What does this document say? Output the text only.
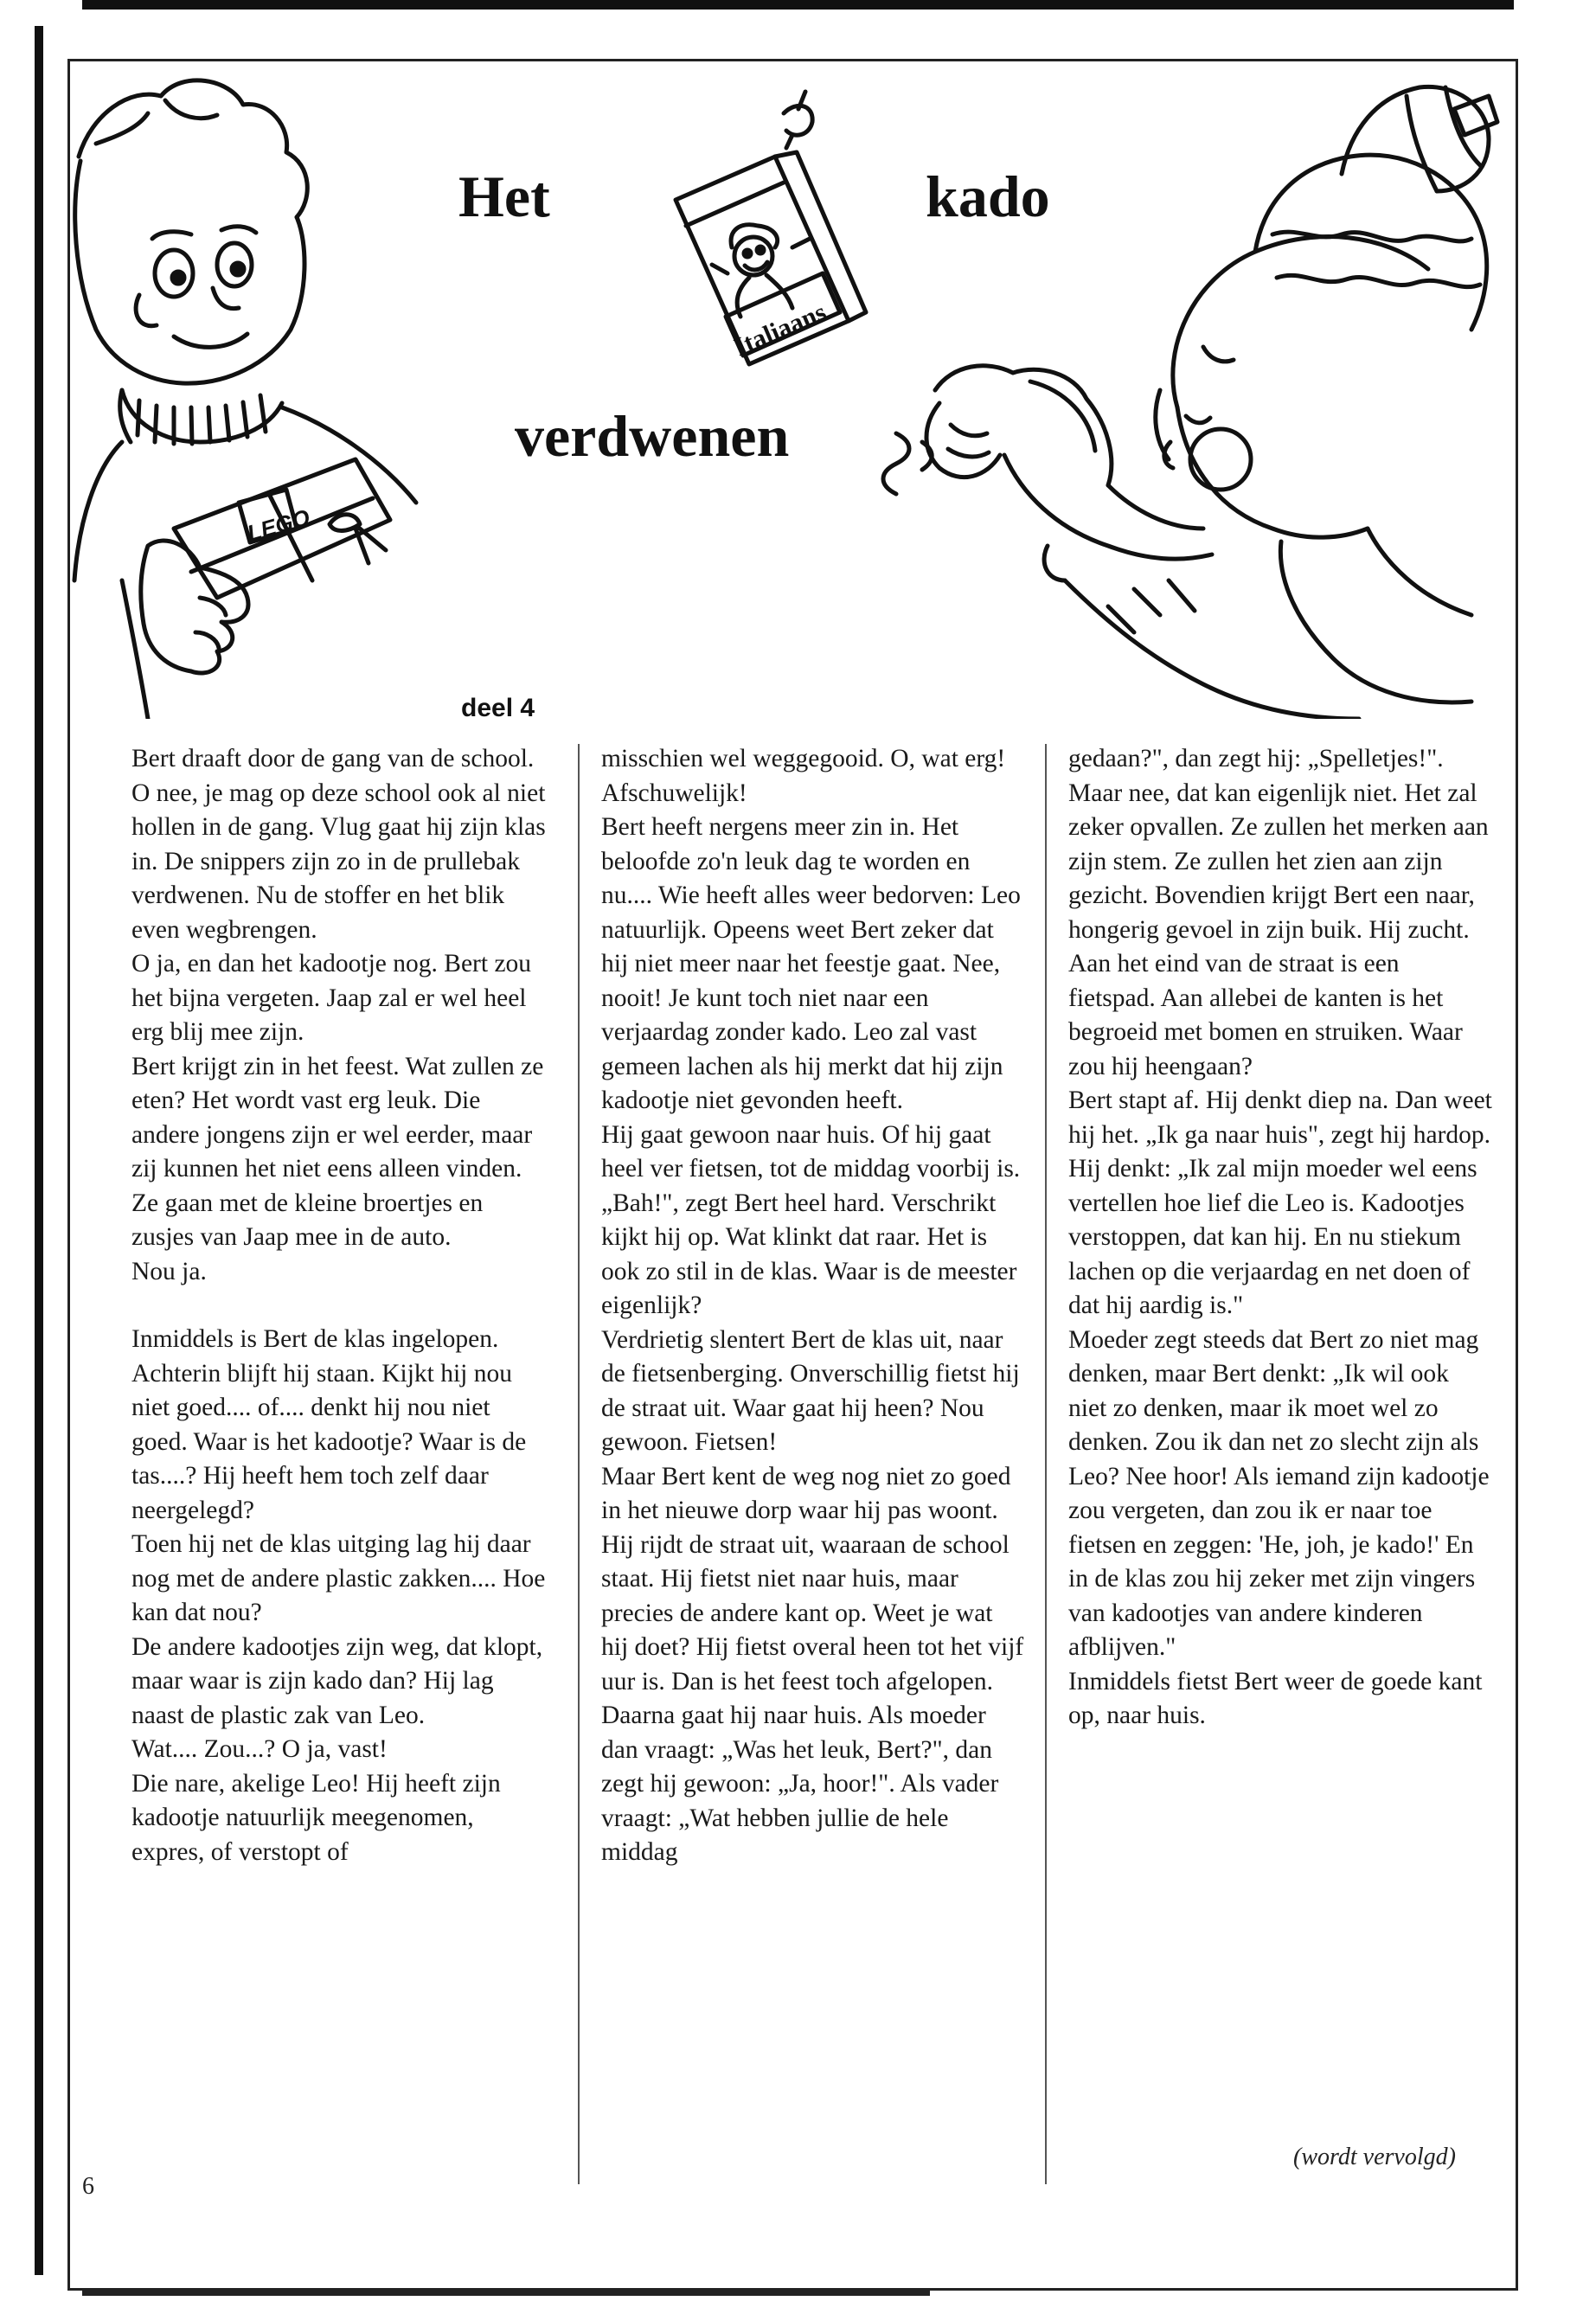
Italiaans
LEGO
Het	kado
verdwenen
deel 4

Bert draaft door de gang van de school.

O nee, je mag op deze school ook al niet hollen in de gang. Vlug gaat hij zijn klas in. De snippers zijn zo in de prullebak verdwenen. Nu de stoffer en het blik even wegbrengen.

O ja, en dan het kadootje nog. Bert zou het bijna vergeten. Jaap zal er wel heel erg blij mee zijn.

Bert krijgt zin in het feest. Wat zullen ze eten? Het wordt vast erg leuk. Die andere jongens zijn er wel eerder, maar zij kunnen het niet eens alleen vinden. Ze gaan met de kleine broertjes en zusjes van Jaap mee in de auto.

Nou ja.

Inmiddels is Bert de klas ingelopen. Achterin blijft hij staan. Kijkt hij nou niet goed.... of.... denkt hij nou niet goed. Waar is het kadootje? Waar is de tas....? Hij heeft hem toch zelf daar neergelegd?

Toen hij net de klas uitging lag hij daar nog met de andere plastic zakken.... Hoe kan dat nou?

De andere kadootjes zijn weg, dat klopt, maar waar is zijn kado dan? Hij lag naast de plastic zak van Leo.

Wat.... Zou...? O ja, vast!

Die nare, akelige Leo! Hij heeft zijn kadootje natuurlijk meegenomen, expres, of verstopt of

misschien wel weggegooid. O, wat erg! Afschuwelijk!

Bert heeft nergens meer zin in. Het beloofde zo'n leuk dag te worden en nu.... Wie heeft alles weer bedorven: Leo natuurlijk. Opeens weet Bert zeker dat hij niet meer naar het feestje gaat. Nee, nooit! Je kunt toch niet naar een verjaardag zonder kado. Leo zal vast gemeen lachen als hij merkt dat hij zijn kadootje niet gevonden heeft.

Hij gaat gewoon naar huis. Of hij gaat heel ver fietsen, tot de middag voorbij is.

„Bah!", zegt Bert heel hard. Verschrikt kijkt hij op. Wat klinkt dat raar. Het is ook zo stil in de klas. Waar is de meester eigenlijk?

Verdrietig slentert Bert de klas uit, naar de fietsenberging. Onverschillig fietst hij de straat uit. Waar gaat hij heen? Nou gewoon. Fietsen!

Maar Bert kent de weg nog niet zo goed in het nieuwe dorp waar hij pas woont. Hij rijdt de straat uit, waaraan de school staat. Hij fietst niet naar huis, maar precies de andere kant op. Weet je wat hij doet? Hij fietst overal heen tot het vijf uur is. Dan is het feest toch afgelopen. Daarna gaat hij naar huis. Als moeder dan vraagt: „Was het leuk, Bert?", dan zegt hij gewoon: „Ja, hoor!". Als vader vraagt: „Wat hebben jullie de hele middag

gedaan?", dan zegt hij: „Spelletjes!".

Maar nee, dat kan eigenlijk niet. Het zal zeker opvallen. Ze zullen het merken aan zijn stem. Ze zullen het zien aan zijn gezicht. Bovendien krijgt Bert een naar, hongerig gevoel in zijn buik. Hij zucht.

Aan het eind van de straat is een fietspad. Aan allebei de kanten is het begroeid met bomen en struiken. Waar zou hij heengaan?

Bert stapt af. Hij denkt diep na. Dan weet hij het. „Ik ga naar huis", zegt hij hardop. Hij denkt: „Ik zal mijn moeder wel eens vertellen hoe lief die Leo is. Kadootjes verstoppen, dat kan hij. En nu stiekum lachen op die verjaardag en net doen of dat hij aardig is."

Moeder zegt steeds dat Bert zo niet mag denken, maar Bert denkt: „Ik wil ook niet zo denken, maar ik moet wel zo denken. Zou ik dan net zo slecht zijn als Leo? Nee hoor! Als iemand zijn kadootje zou vergeten, dan zou ik er naar toe fietsen en zeggen: 'He, joh, je kado!' En in de klas zou hij zeker met zijn vingers van kadootjes van andere kinderen afblijven."

Inmiddels fietst Bert weer de goede kant op, naar huis.

(wordt vervolgd)
6
